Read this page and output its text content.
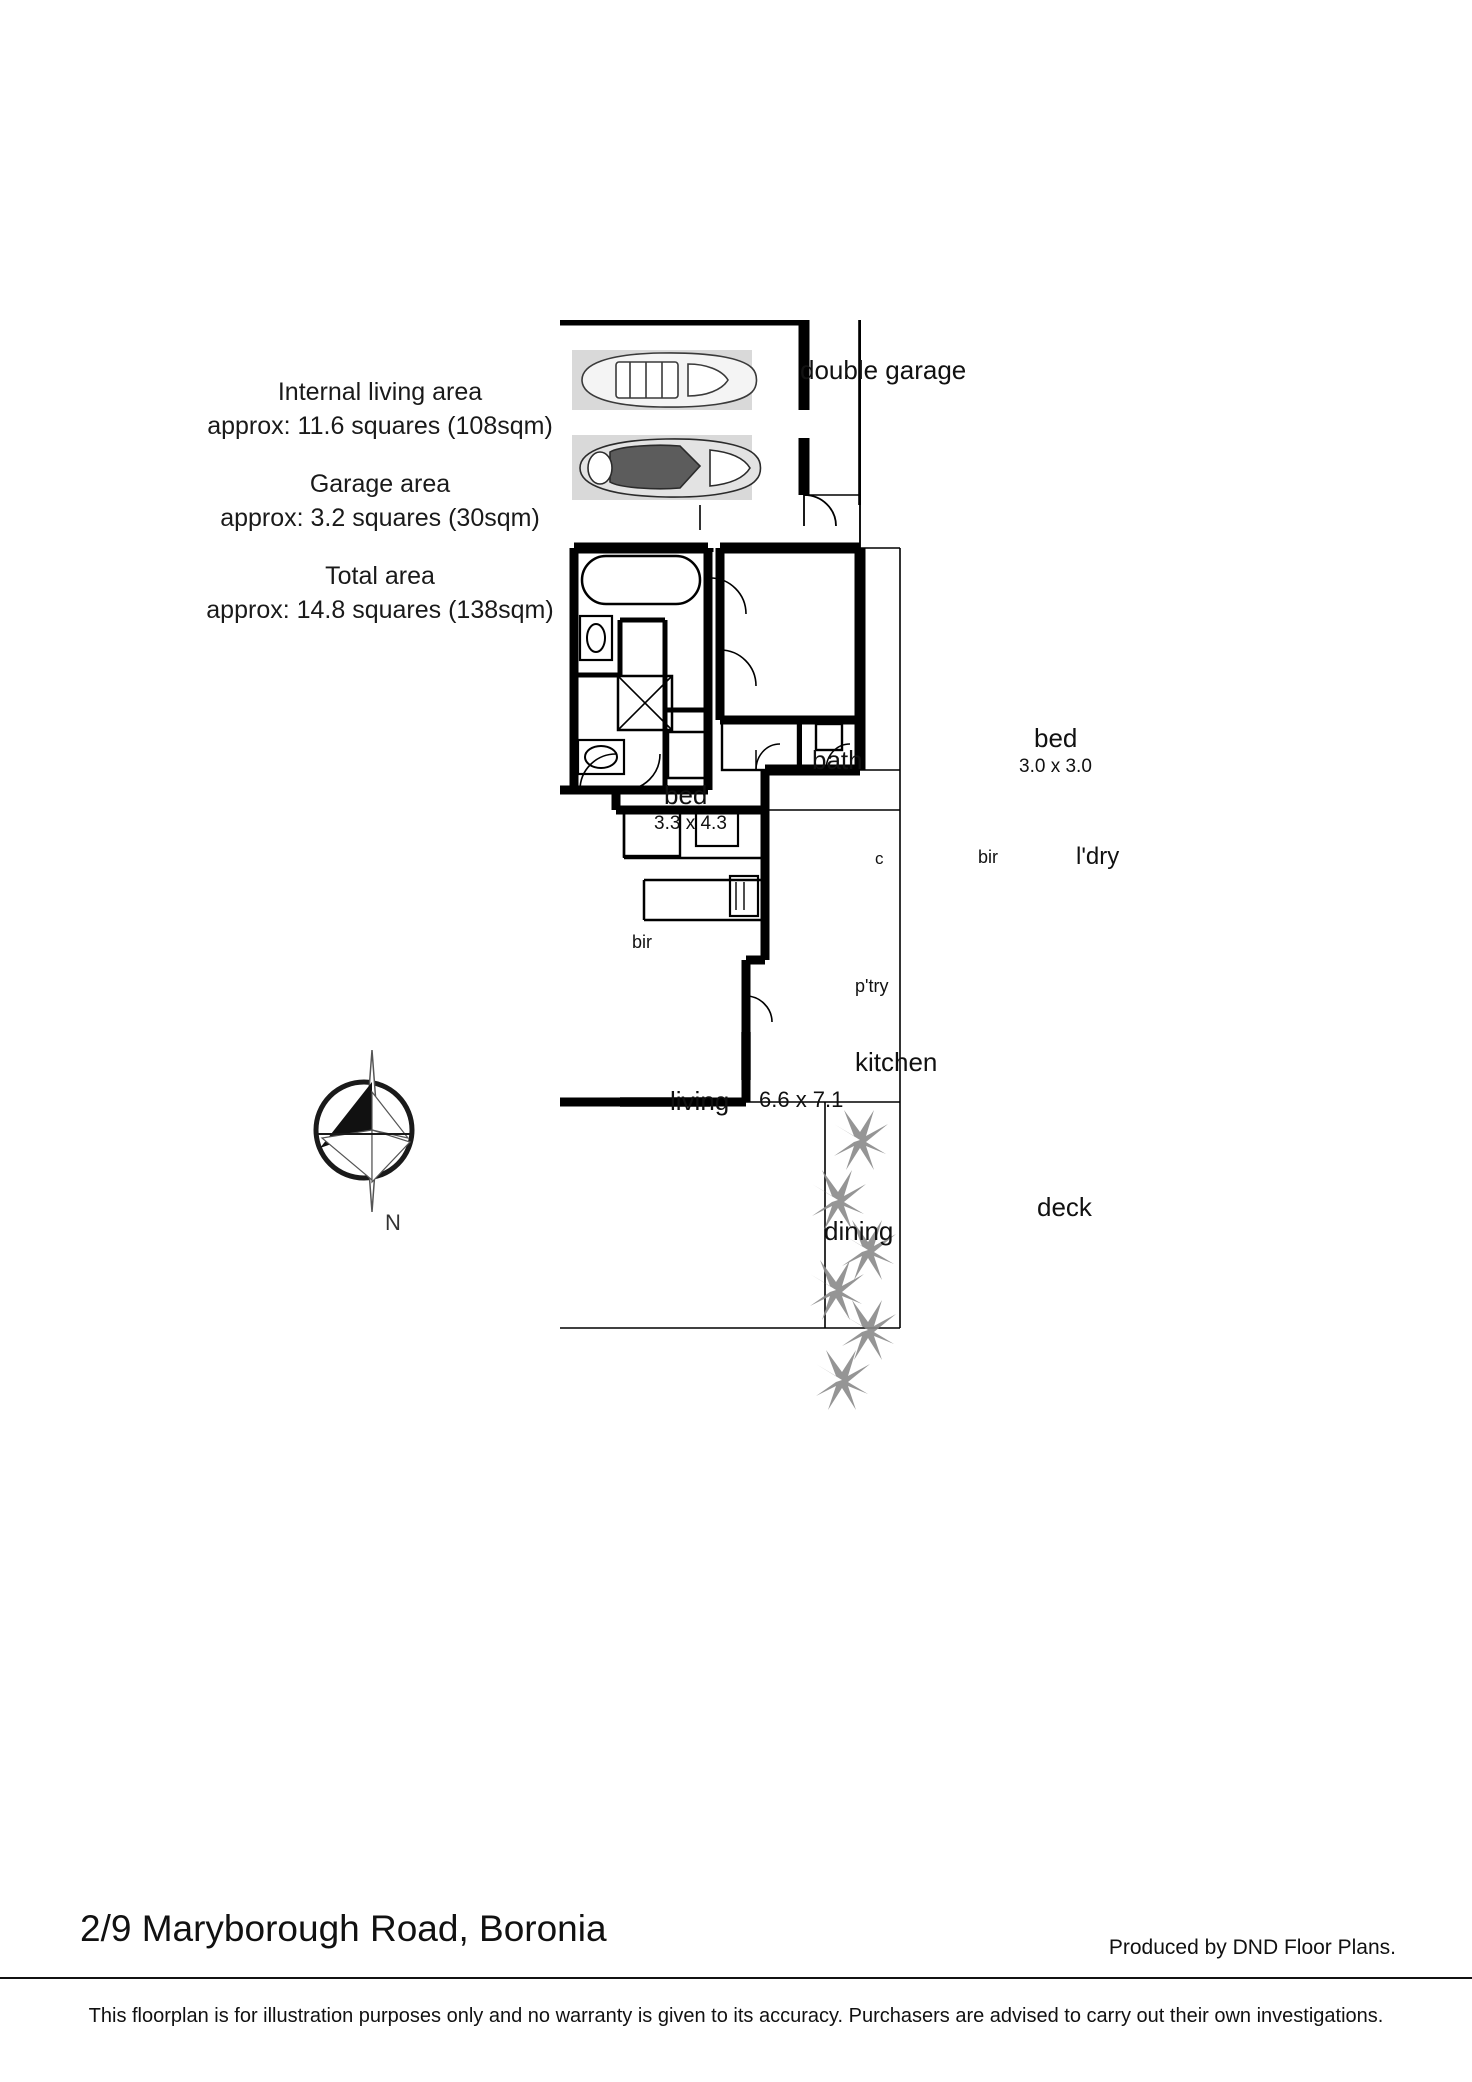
Internal living area
approx: 11.6 squares (108sqm)
Garage area
approx: 3.2 squares (30sqm)
Total area
approx: 14.8 squares (138sqm)
N
double garage
bath
bed
3.3 x 4.3
bed
3.0 x 3.0
bir
bir	l'dry
c
p'try
kitchen
living 6.6 x 7.1
dining
deck
2/9 Maryborough Road, Boronia	Produced by DND Floor Plans.
This floorplan is for illustration purposes only and no warranty is given to its accuracy. Purchasers are advised to carry out their own investigations.
